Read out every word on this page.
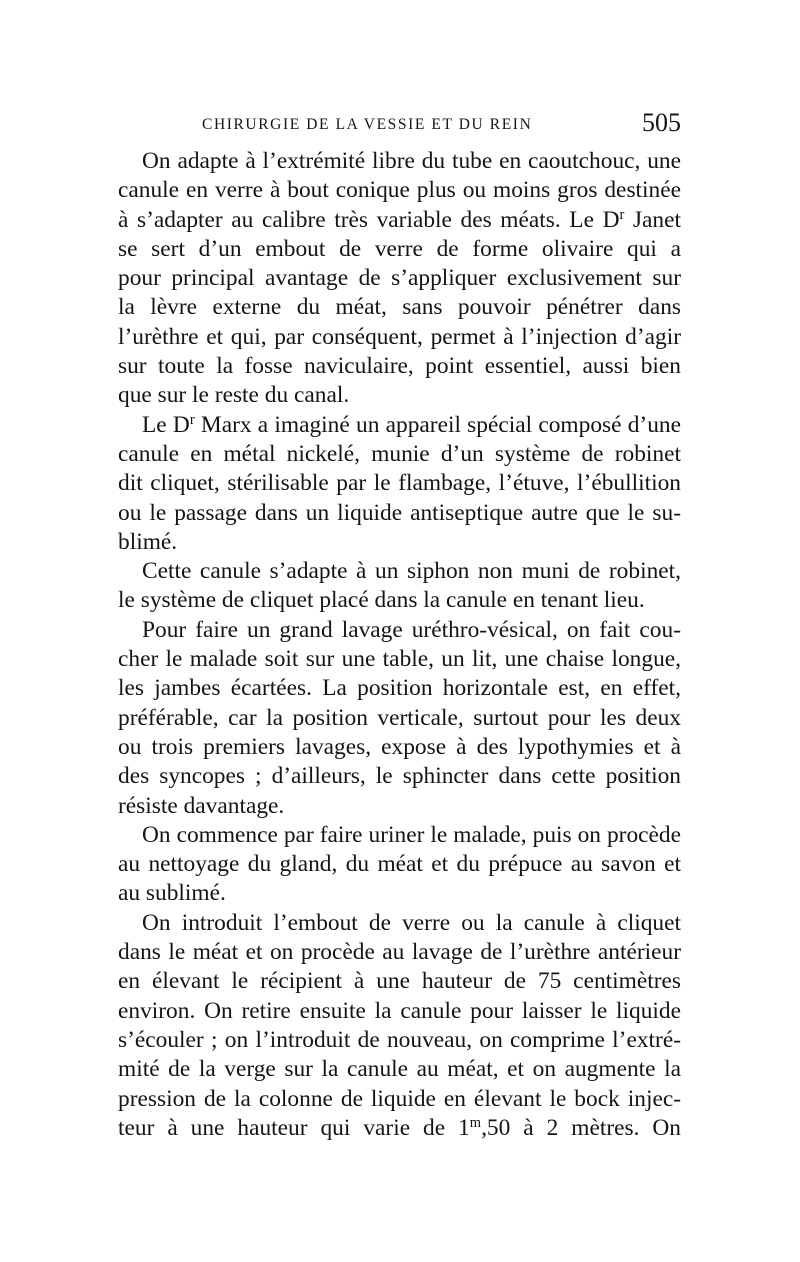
CHIRURGIE DE LA VESSIE ET DU REIN	505
On adapte à l’extrémité libre du tube en caoutchouc, une
canule en verre à bout conique plus ou moins gros destinée
à s’adapter au calibre très variable des méats. Le $D^r$ Janet
se sert d’un embout de verre de forme olivaire qui a
pour principal avantage de s’appliquer exclusivement sur
la lèvre externe du méat, sans pouvoir pénétrer dans
l’urèthre et qui, par conséquent, permet à l’injection d’agir
sur toute la fosse naviculaire, point essentiel, aussi bien
que sur le reste du canal.
Le $D^r$ Marx a imaginé un appareil spécial composé d’une
canule en métal nickelé, munie d’un système de robinet
dit cliquet, stérilisable par le flambage, l’étuve, l’ébullition
ou le passage dans un liquide antiseptique autre que le su-
blimé.
Cette canule s’adapte à un siphon non muni de robinet,
le système de cliquet placé dans la canule en tenant lieu.
Pour faire un grand lavage uréthro-vésical, on fait cou-
cher le malade soit sur une table, un lit, une chaise longue,
les jambes écartées. La position horizontale est, en effet,
préférable, car la position verticale, surtout pour les deux
ou trois premiers lavages, expose à des lypothymies et à
des syncopes ; d’ailleurs, le sphincter dans cette position
résiste davantage.
On commence par faire uriner le malade, puis on procède
au nettoyage du gland, du méat et du prépuce au savon et
au sublimé.
On introduit l’embout de verre ou la canule à cliquet
dans le méat et on procède au lavage de l’urèthre antérieur
en élevant le récipient à une hauteur de 75 centimètres
environ. On retire ensuite la canule pour laisser le liquide
s’écouler ; on l’introduit de nouveau, on comprime l’extré-
mité de la verge sur la canule au méat, et on augmente la
pression de la colonne de liquide en élevant le bock injec-
teur à une hauteur qui varie de 1$^m$,50 à 2 mètres. On
